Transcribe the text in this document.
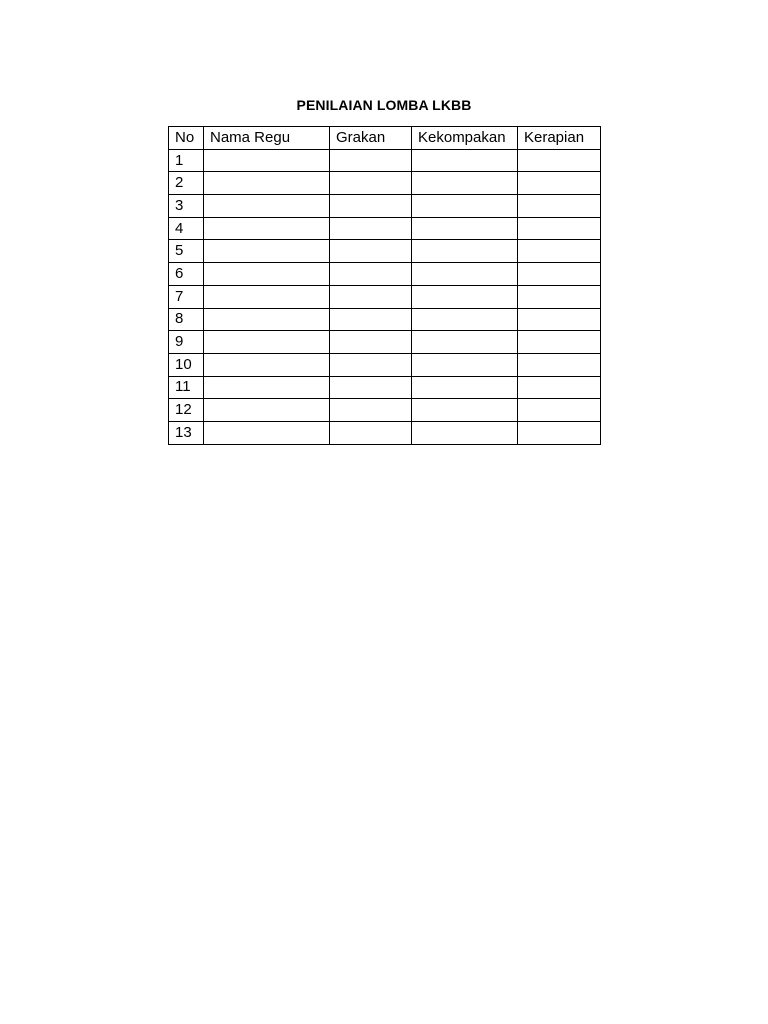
PENILAIAN LOMBA LKBB
No	Nama Regu	Grakan	Kekompakan	Kerapian
1				
2				
3				
4				
5				
6				
7				
8				
9				
10				
11				
12				
13				
